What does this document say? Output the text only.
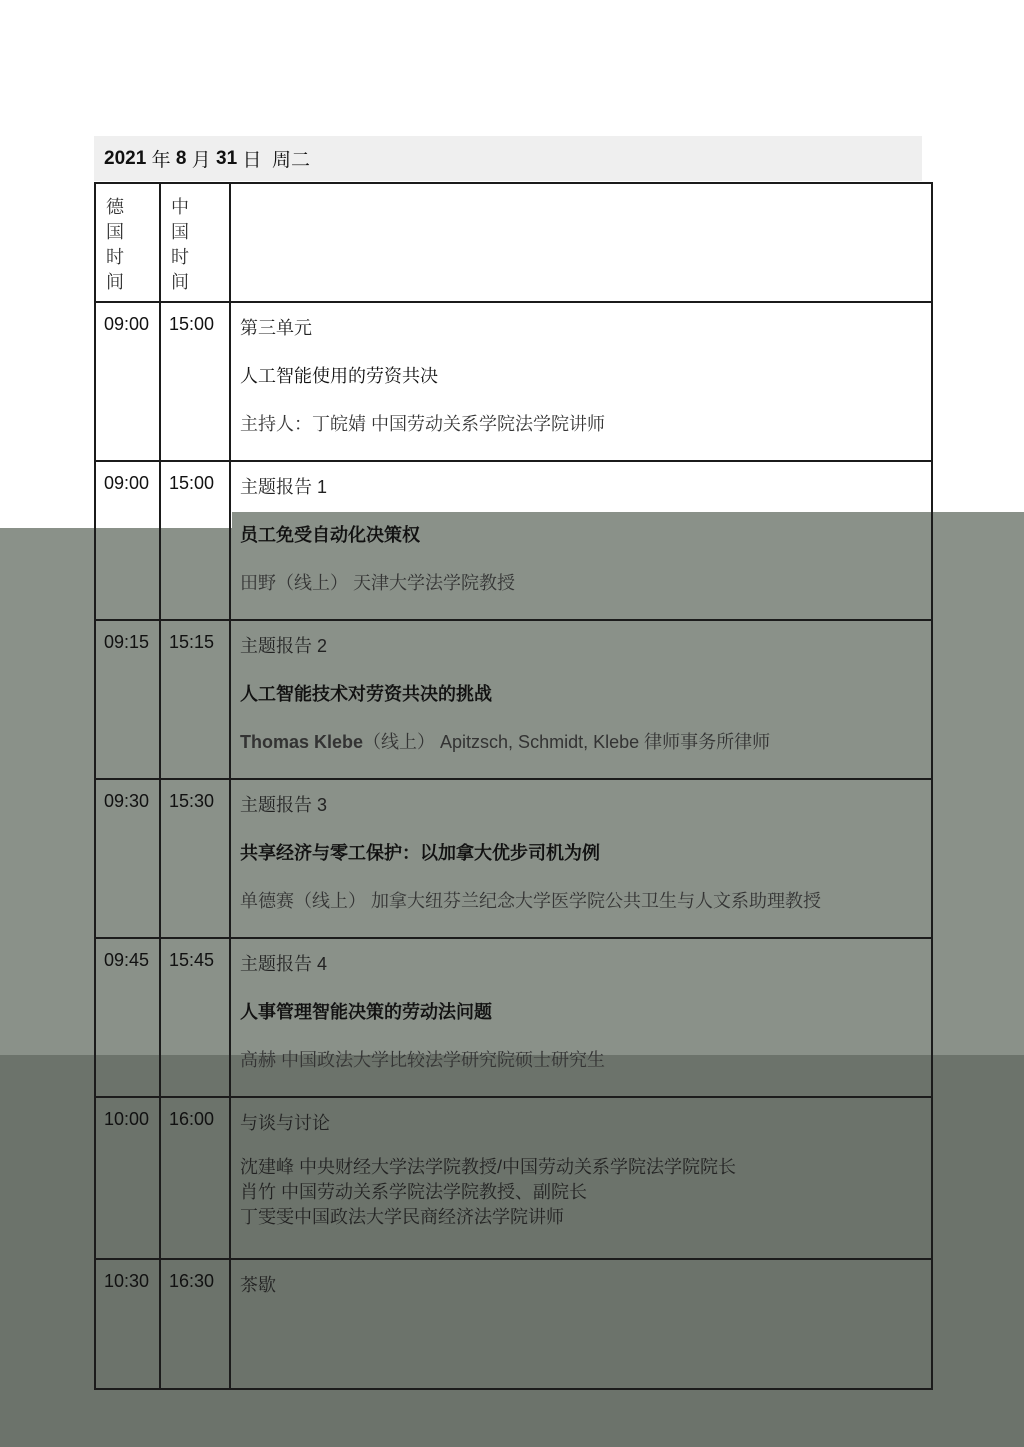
2021
年
8
月
31
日
周二
德国时间	中国时间	

09:00	15:00	第三单元

人工智能使用的劳资共决

主持人：丁皖婧 中国劳动关系学院法学院讲师

09:00	15:00	主题报告 1

员工免受自动化决策权

田野（线上） 天津大学法学院教授

09:15	15:15	主题报告 2

人工智能技术对劳资共决的挑战

Thomas Klebe（线上） Apitzsch, Schmidt, Klebe 律师事务所律师

09:30	15:30	主题报告 3

共享经济与零工保护：以加拿大优步司机为例

单德赛（线上） 加拿大纽芬兰纪念大学医学院公共卫生与人文系助理教授

09:45	15:45	主题报告 4

人事管理智能决策的劳动法问题

高赫 中国政法大学比较法学研究院硕士研究生

10:00	16:00	与谈与讨论

沈建峰 中央财经大学法学院教授/中国劳动关系学院法学院院长
肖竹 中国劳动关系学院法学院教授、副院长
丁雯雯中国政法大学民商经济法学院讲师

10:30	16:30	茶歇
